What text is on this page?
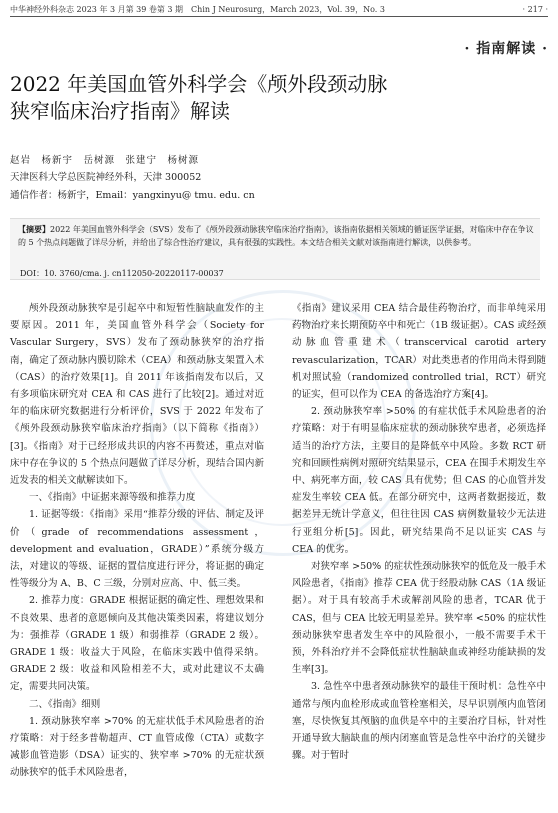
中华神经外科杂志 2023 年 3 月第 39 卷第 3 期　Chin J Neurosurg，March 2023，Vol. 39，No. 3	· 217 ·
· 指南解读 ·
2022 年美国血管外科学会《颅外段颈动脉
狭窄临床治疗指南》解读
赵岩　杨新宇　岳树源　张建宁　杨树源
天津医科大学总医院神经外科，天津 300052
通信作者：杨新宇，Email：yangxinyu@ tmu. edu. cn
【摘要】2022 年美国血管外科学会（SVS）发布了《颅外段颈动脉狭窄临床治疗指南》，该指南依据相关领域的循证医学证据，对临床中存在争议的 5 个热点问题做了详尽分析，并给出了综合性治疗建议，具有很强的实践性。本文结合相关文献对该指南进行解读，以供参考。
DOI：10. 3760/cma. j. cn112050-20220117-00037

颅外段颈动脉狭窄是引起卒中和短暂性脑缺血发作的主要原因。2011 年，美国血管外科学会（Society for Vascular Surgery，SVS）发布了颈动脉狭窄的治疗指南，确定了颈动脉内膜切除术（CEA）和颈动脉支架置入术（CAS）的治疗效果[1]。自 2011 年该指南发布以后，又有多项临床研究对 CEA 和 CAS 进行了比较[2]。通过对近年的临床研究数据进行分析评价，SVS 于 2022 年发布了《颅外段颈动脉狭窄临床治疗指南》（以下简称《指南》）[3]。《指南》对于已经形成共识的内容不再赘述，重点对临床中存在争议的 5 个热点问题做了详尽分析，现结合国内新近发表的相关文献解读如下。

一、《指南》中证据来源等级和推荐力度

1. 证据等级：《指南》采用“推荐分级的评估、制定及评价（grade of recommendations assessment，development and evaluation，GRADE）”系统分级方法，对建议的等级、证据的置信度进行评分，将证据的确定性等级分为 A、B、C 三级，分别对应高、中、低三类。

2. 推荐力度：GRADE 根据证据的确定性、理想效果和不良效果、患者的意愿倾向及其他决策类因素，将建议划分为：强推荐（GRADE 1 级）和弱推荐（GRADE 2 级）。GRADE 1 级：收益大于风险，在临床实践中值得采纳。GRADE 2 级：收益和风险相差不大，或对此建议不太确定，需要共同决策。

二、《指南》细则

1. 颈动脉狭窄率 >70% 的无症状低手术风险患者的治疗策略：对于经多普勒超声、CT 血管成像（CTA）或数字减影血管造影（DSA）证实的、狭窄率 >70% 的无症状颈动脉狭窄的低手术风险患者，

《指南》建议采用 CEA 结合最佳药物治疗，而非单纯采用药物治疗来长期预防卒中和死亡（1B 级证据）。CAS 或经颈动脉血管重建术（transcervical carotid artery revascularization，TCAR）对此类患者的作用尚未得到随机对照试验（randomized controlled trial，RCT）研究的证实，但可以作为 CEA 的备选治疗方案[4]。

2. 颈动脉狭窄率 >50% 的有症状低手术风险患者的治疗策略：对于有明显临床症状的颈动脉狭窄患者，必须选择适当的治疗方法，主要目的是降低卒中风险。多数 RCT 研究和回顾性病例对照研究结果显示，CEA 在围手术期发生卒中、病死率方面，较 CAS 具有优势；但 CAS 的心血管并发症发生率较 CEA 低。在部分研究中，这两者数据接近，数据差异无统计学意义，但往往因 CAS 病例数量较少无法进行亚组分析[5]。因此，研究结果尚不足以证实 CAS 与 CEA 的优劣。

对狭窄率 >50% 的症状性颈动脉狭窄的低危及一般手术风险患者，《指南》推荐 CEA 优于经股动脉 CAS（1A 级证据）。对于具有较高手术或解剖风险的患者，TCAR 优于 CAS，但与 CEA 比较无明显差异。狭窄率 <50% 的症状性颈动脉狭窄患者发生卒中的风险很小，一般不需要手术干预，外科治疗并不会降低症状性脑缺血或神经功能缺损的发生率[3]。

3. 急性卒中患者颈动脉狭窄的最佳干预时机：急性卒中通常与颅内血栓形成或血管栓塞相关，尽早识别颅内血管闭塞，尽快恢复其颅脑的血供是卒中的主要治疗目标，针对性开通导致大脑缺血的颅内闭塞血管是急性卒中治疗的关键步骤。对于暂时
